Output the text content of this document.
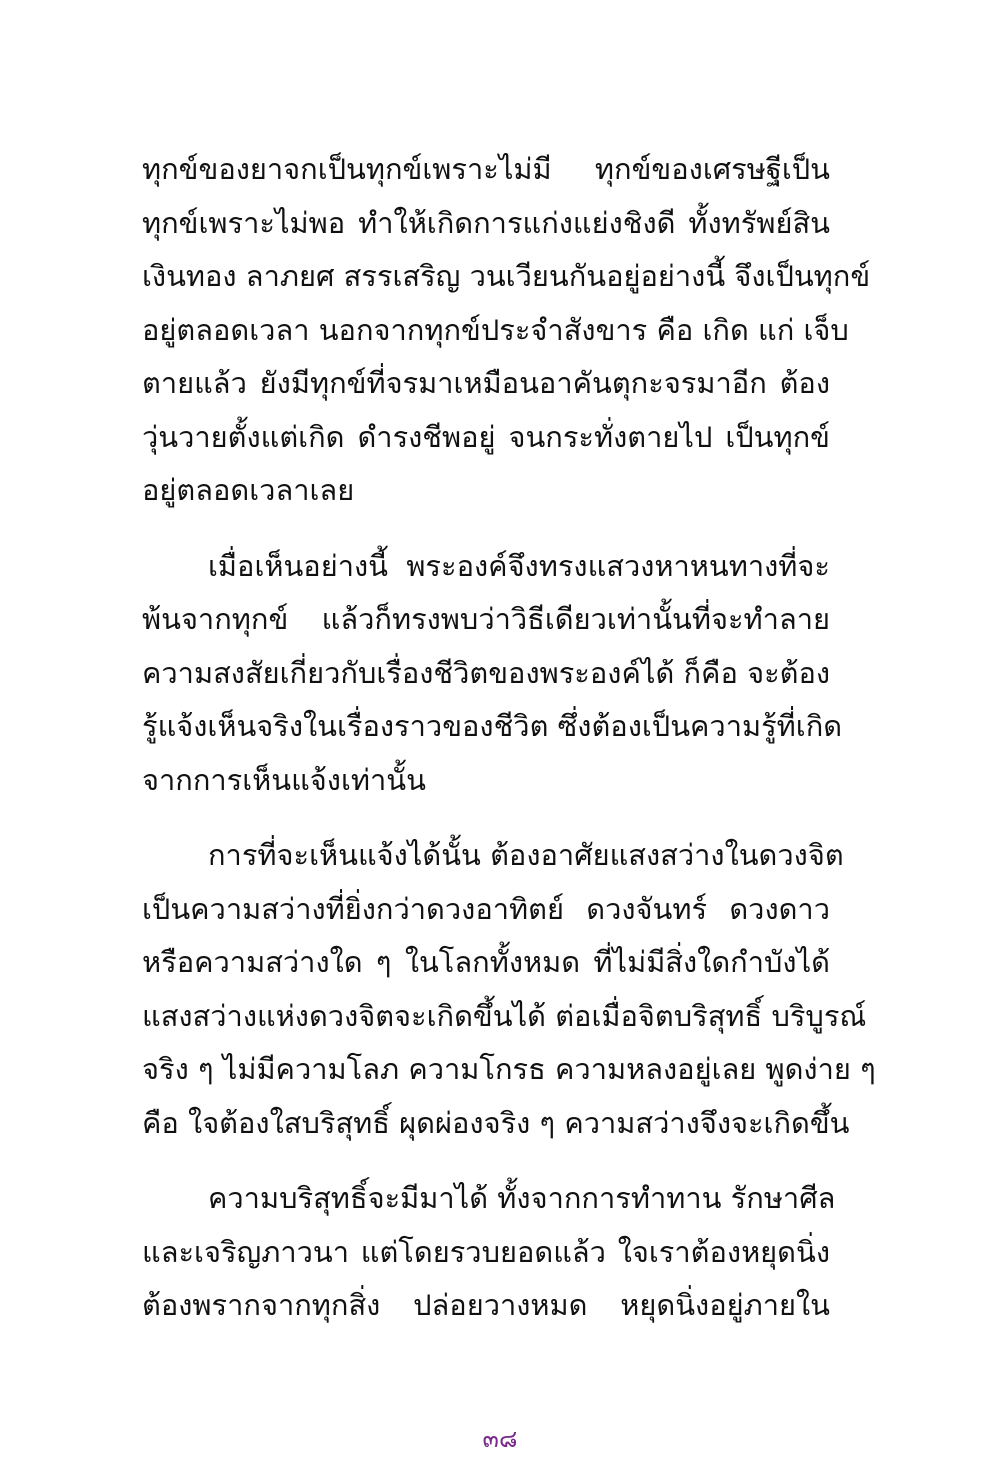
ทุกข์ของยาจกเป็นทุกข์เพราะไม่มี ทุกข์ของเศรษฐีเป็น
ทุกข์เพราะไม่พอ ทำให้เกิดการแก่งแย่งชิงดี ทั้งทรัพย์สิน
เงินทอง ลาภยศ สรรเสริญ วนเวียนกันอยู่อย่างนี้ จึงเป็นทุกข์
อยู่ตลอดเวลา นอกจากทุกข์ประจำสังขาร คือ เกิด แก่ เจ็บ
ตายแล้ว ยังมีทุกข์ที่จรมาเหมือนอาคันตุกะจรมาอีก ต้อง
วุ่นวายตั้งแต่เกิด ดำรงชีพอยู่ จนกระทั่งตายไป เป็นทุกข์
อยู่ตลอดเวลาเลย
เมื่อเห็นอย่างนี้ พระองค์จึงทรงแสวงหาหนทางที่จะ
พ้นจากทุกข์ แล้วก็ทรงพบว่าวิธีเดียวเท่านั้นที่จะทำลาย
ความสงสัยเกี่ยวกับเรื่องชีวิตของพระองค์ได้ ก็คือ จะต้อง
รู้แจ้งเห็นจริงในเรื่องราวของชีวิต ซึ่งต้องเป็นความรู้ที่เกิด
จากการเห็นแจ้งเท่านั้น
การที่จะเห็นแจ้งได้นั้น ต้องอาศัยแสงสว่างในดวงจิต
เป็นความสว่างที่ยิ่งกว่าดวงอาทิตย์ ดวงจันทร์ ดวงดาว
หรือความสว่างใด ๆ ในโลกทั้งหมด ที่ไม่มีสิ่งใดกำบังได้
แสงสว่างแห่งดวงจิตจะเกิดขึ้นได้ ต่อเมื่อจิตบริสุทธิ์ บริบูรณ์
จริง ๆ ไม่มีความโลภ ความโกรธ ความหลงอยู่เลย พูดง่าย ๆ
คือ ใจต้องใสบริสุทธิ์ ผุดผ่องจริง ๆ ความสว่างจึงจะเกิดขึ้น
ความบริสุทธิ์จะมีมาได้ ทั้งจากการทำทาน รักษาศีล
และเจริญภาวนา แต่โดยรวบยอดแล้ว ใจเราต้องหยุดนิ่ง
ต้องพรากจากทุกสิ่ง ปล่อยวางหมด หยุดนิ่งอยู่ภายใน
๓๘
